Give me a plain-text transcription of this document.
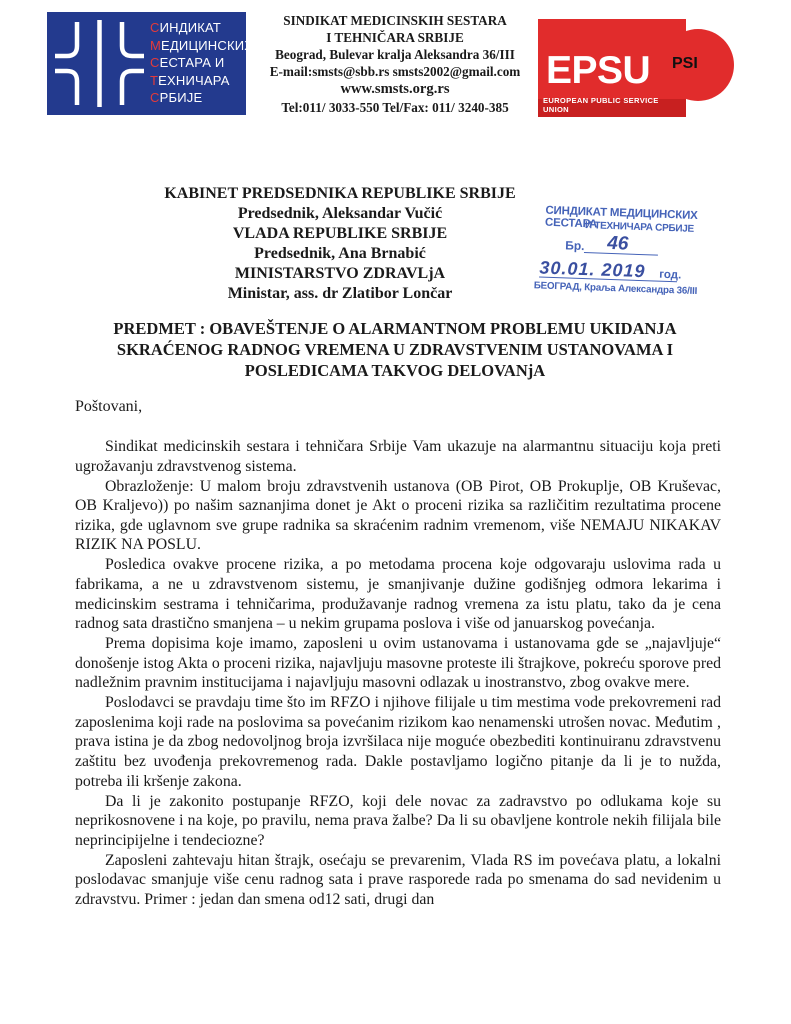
СИНДИКАТ
МЕДИЦИНСКИХ
СЕСТАРА И
ТЕХНИЧАРА
СРБИЈЕ
SINDIKAT MEDICINSKIH SESTARA
I TEHNIČARA SRBIJE
Beograd, Bulevar kralja Aleksandra 36/III
E-mail:smsts@sbb.rs smsts2002@gmail.com
www.smsts.org.rs
Tel:011/ 3033-550 Tel/Fax: 011/ 3240-385
EPSU
EUROPEAN PUBLIC SERVICE UNION
PSI
KABINET PREDSEDNIKA REPUBLIKE SRBIJE
Predsednik, Aleksandar Vučić
VLADA REPUBLIKE SRBIJE
Predsednik, Ana Brnabić
MINISTARSTVO ZDRAVLjA
Ministar, ass. dr Zlatibor Lončar
СИНДИКАТ МЕДИЦИНСКИХ СЕСТАРА
И ТЕХНИЧАРА СРБИЈЕ
Бр. 46
30.01. 2019 год.
БЕОГРАД, Краља Александра 36/III
PREDMET : OBAVEŠTENJE O ALARMANTNOM PROBLEMU UKIDANJA
SKRAĆENOG RADNOG VREMENA U ZDRAVSTVENIM USTANOVAMA I
POSLEDICAMA TAKVOG DELOVANjA
Poštovani,

Sindikat medicinskih sestara i tehničara Srbije Vam ukazuje na alarmantnu situaciju koja preti ugrožavanju zdravstvenog sistema.

Obrazloženje: U malom broju zdravstvenih ustanova (OB Pirot, OB Prokuplje, OB Kruševac, OB Kraljevo)) po našim saznanjima donet je Akt o proceni rizika sa različitim rezultatima procene rizika, gde uglavnom sve grupe radnika sa skraćenim radnim vremenom, više NEMAJU NIKAKAV RIZIK NA POSLU.

Posledica ovakve procene rizika, a po metodama procena koje odgovaraju uslovima rada u fabrikama, a ne u zdravstvenom sistemu, je smanjivanje dužine godišnjeg odmora lekarima i medicinskim sestrama i tehničarima, produžavanje radnog vremena za istu platu, tako da je cena radnog sata drastično smanjena – u nekim grupama poslova i više od januarskog povećanja.

Prema dopisima koje imamo, zaposleni u ovim ustanovama i ustanovama gde se „najavljuje“ donošenje istog Akta o proceni rizika, najavljuju masovne proteste ili štrajkove, pokreću sporove pred nadležnim pravnim institucijama i najavljuju masovni odlazak u inostranstvo, zbog ovakve mere.

Poslodavci se pravdaju time što im RFZO i njihove filijale u tim mestima vode prekovremeni rad zaposlenima koji rade na poslovima sa povećanim rizikom kao nenamenski utrošen novac. Međutim , prava istina je da zbog nedovoljnog broja izvršilaca nije moguće obezbediti kontinuiranu zdravstvenu zaštitu bez uvođenja prekovremenog rada. Dakle postavljamo logično pitanje da li je to nužda, potreba ili kršenje zakona.

Da li je zakonito postupanje RFZO, koji dele novac za zadravstvo po odlukama koje su neprikosnovene i na koje, po pravilu, nema prava žalbe? Da li su obavljene kontrole nekih filijala bile neprincipijelne i tendeciozne?

Zaposleni zahtevaju hitan štrajk, osećaju se prevarenim, Vlada RS im povećava platu, a lokalni poslodavac smanjuje više cenu radnog sata i prave rasporede rada po smenama do sad nevidenim u zdravstvu. Primer : jedan dan smena od12 sati, drugi dan
